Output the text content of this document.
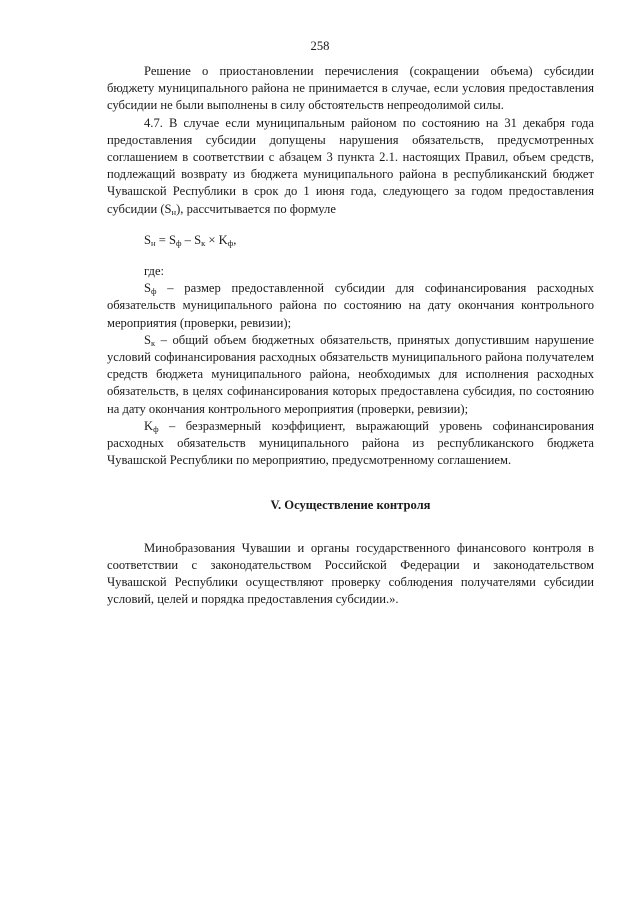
258

Решение о приостановлении перечисления (сокращении объема) субсидии бюджету муниципального района не принимается в случае, если условия предоставления субсидии не были выполнены в силу обстоятельств непреодолимой силы.

4.7. В случае если муниципальным районом по состоянию на 31 декабря года предоставления субсидии допущены нарушения обязательств, предусмотренных соглашением в соответствии с абзацем 3 пункта 2.1. настоящих Правил, объем средств, подлежащий возврату из бюджета муниципального района в республиканский бюджет Чувашской Республики в срок до 1 июня года, следующего за годом предоставления субсидии $(S_н)$, рассчитывается по формуле

$S_н = S_ф - S_к \times K_ф$,

где:

$S_ф$ – размер предоставленной субсидии для софинансирования расходных обязательств муниципального района по состоянию на дату окончания контрольного мероприятия (проверки, ревизии);

$S_к$ – общий объем бюджетных обязательств, принятых допустившим нарушение условий софинансирования расходных обязательств муниципального района получателем средств бюджета муниципального района, необходимых для исполнения расходных обязательств, в целях софинансирования которых предоставлена субсидия, по состоянию на дату окончания контрольного мероприятия (проверки, ревизии);

$K_ф$ – безразмерный коэффициент, выражающий уровень софинансирования расходных обязательств муниципального района из республиканского бюджета Чувашской Республики по мероприятию, предусмотренному соглашением.

V. Осуществление контроля

Минобразования Чувашии и органы государственного финансового контроля в соответствии с законодательством Российской Федерации и законодательством Чувашской Республики осуществляют проверку соблюдения получателями субсидии условий, целей и порядка предоставления субсидии.».
